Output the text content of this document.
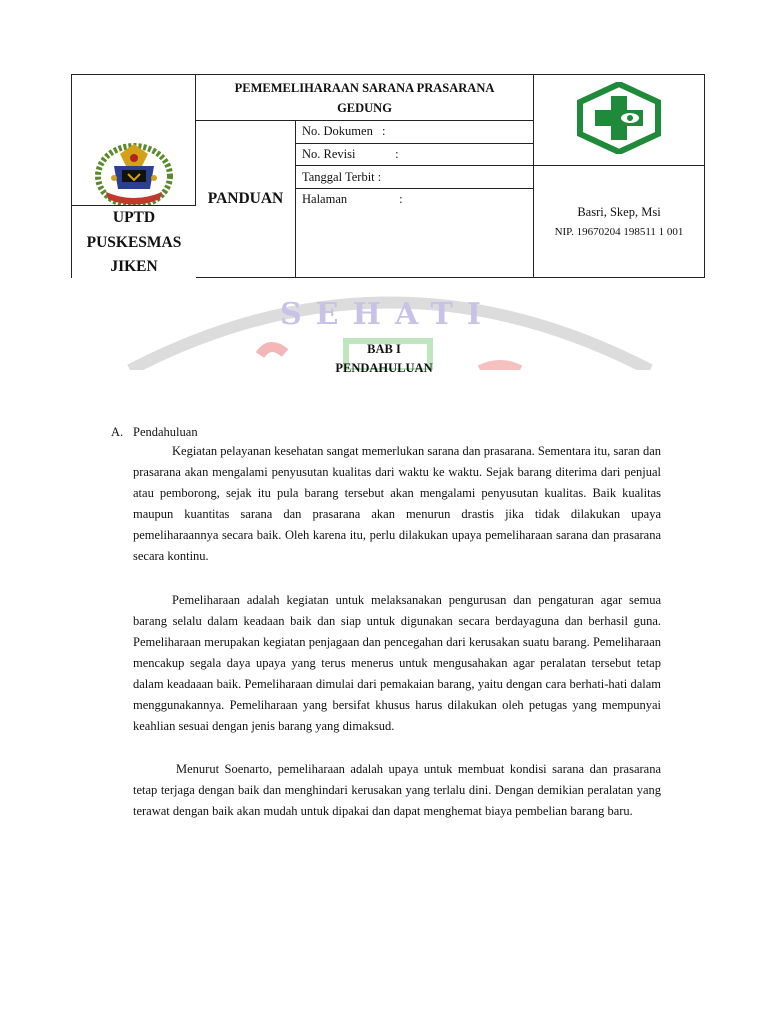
PEMEMELIHARAAN SARANA PRASARANA
GEDUNG

	PANDUAN	No. Dokumen :	
		No. Revisi :	
		Tanggal Terbit :	Basri, Skep, Msi
NIP. 19670204 198511 1 001

		Halaman :	
UPTD
PUSKESMAS
JIKEN
SEHATI
BAB I
PENDAHULUAN
A. Pendahuluan

Kegiatan pelayanan kesehatan sangat memerlukan sarana dan prasarana. Sementara itu, saran dan prasarana akan mengalami penyusutan kualitas dari waktu ke waktu. Sejak barang diterima dari penjual atau pemborong, sejak itu pula barang tersebut akan mengalami penyusutan kualitas. Baik kualitas maupun kuantitas sarana dan prasarana akan menurun drastis jika tidak dilakukan upaya pemeliharaannya secara baik. Oleh karena itu, perlu dilakukan upaya pemeliharaan sarana dan prasarana secara kontinu.

Pemeliharaan adalah kegiatan untuk melaksanakan pengurusan dan pengaturan agar semua barang selalu dalam keadaan baik dan siap untuk digunakan secara berdayaguna dan berhasil guna. Pemeliharaan merupakan kegiatan penjagaan dan pencegahan dari kerusakan suatu barang. Pemeliharaan mencakup segala daya upaya yang terus menerus untuk mengusahakan agar peralatan tersebut tetap dalam keadaaan baik. Pemeliharaan dimulai dari pemakaian barang, yaitu dengan cara berhati-hati dalam menggunakannya. Pemeliharaan yang bersifat khusus harus dilakukan oleh petugas yang mempunyai keahlian sesuai dengan jenis barang yang dimaksud.

Menurut Soenarto, pemeliharaan adalah upaya untuk membuat kondisi sarana dan prasarana tetap terjaga dengan baik dan menghindari kerusakan yang terlalu dini. Dengan demikian peralatan yang terawat dengan baik akan mudah untuk dipakai dan dapat menghemat biaya pembelian barang baru.
